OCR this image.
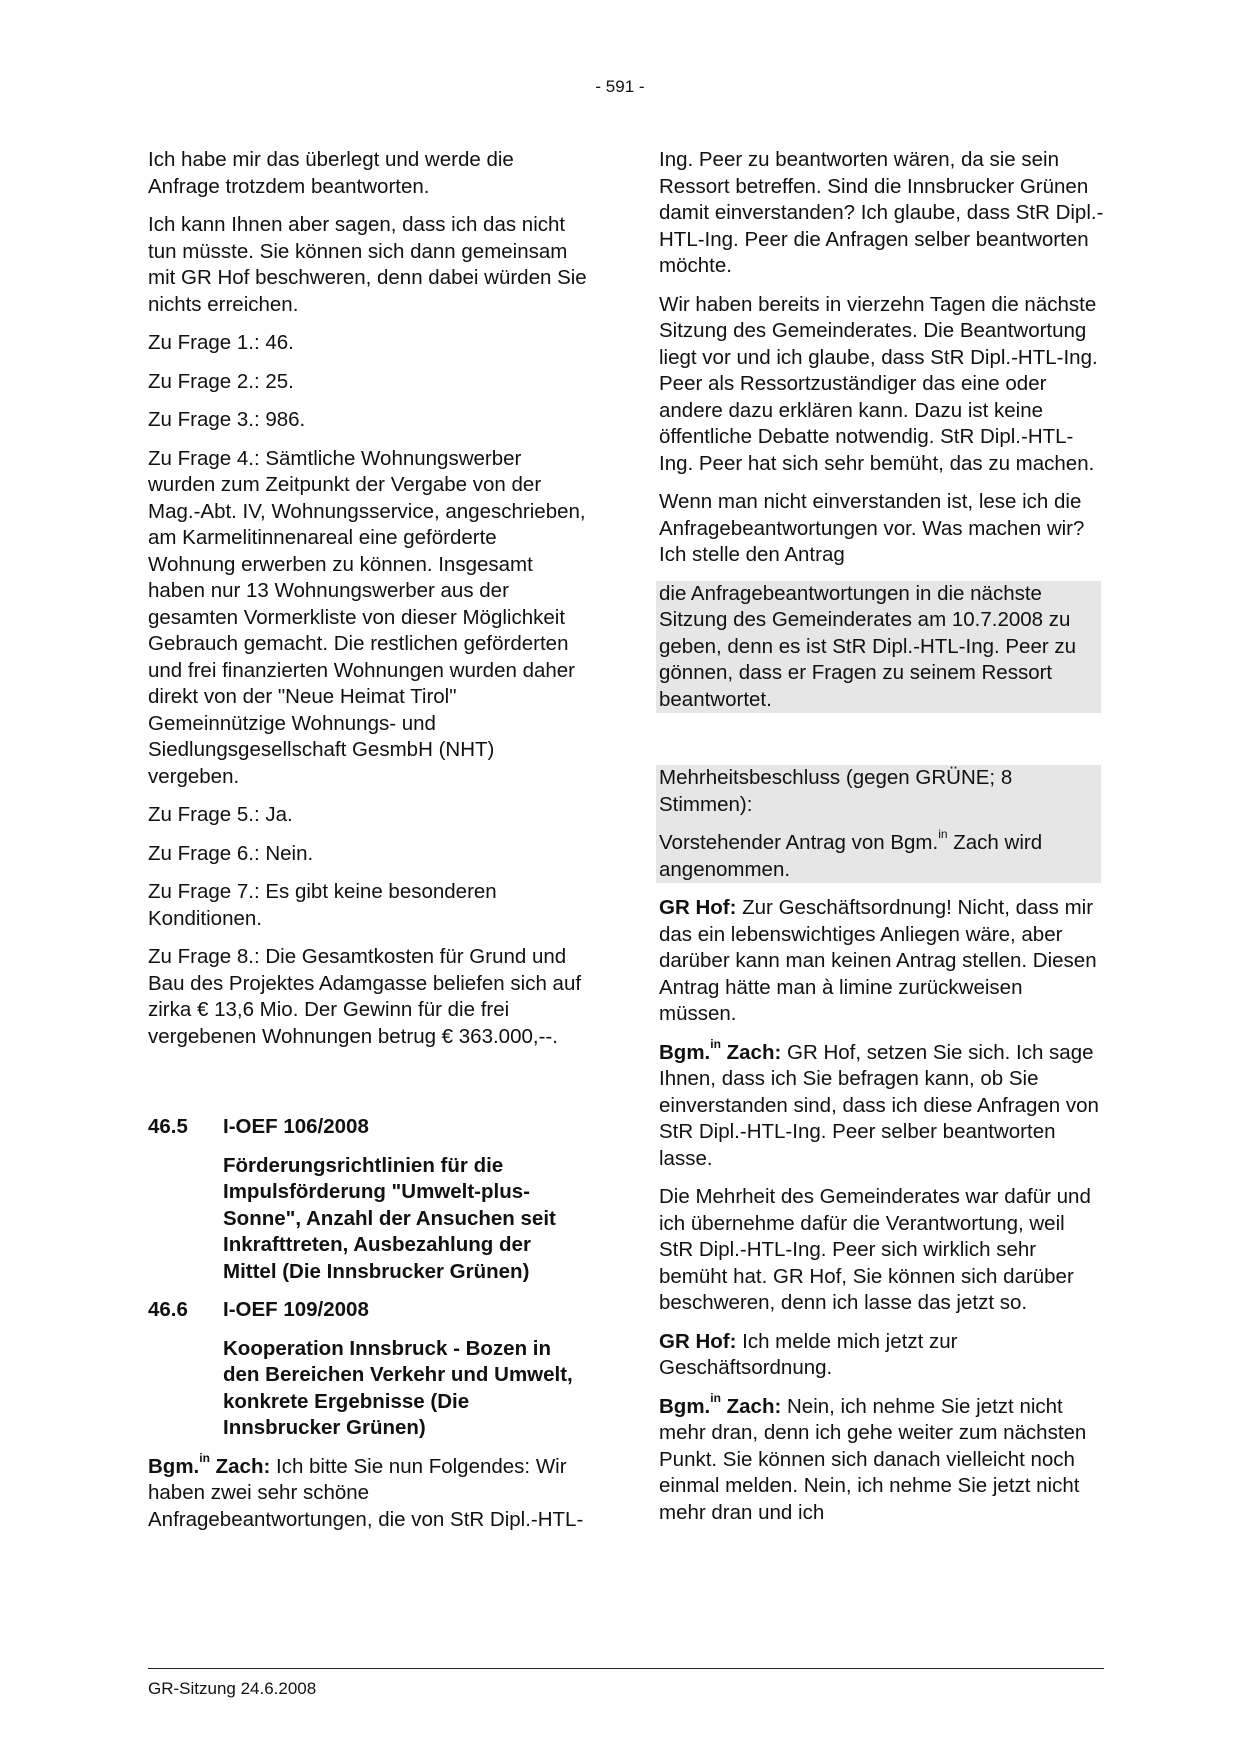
- 591 -

Ich habe mir das überlegt und werde die Anfrage trotzdem beantworten.

Ich kann Ihnen aber sagen, dass ich das nicht tun müsste. Sie können sich dann gemeinsam mit GR Hof beschweren, denn dabei würden Sie nichts erreichen.

Zu Frage 1.: 46.

Zu Frage 2.: 25.

Zu Frage 3.: 986.

Zu Frage 4.: Sämtliche Wohnungswerber wurden zum Zeitpunkt der Vergabe von der Mag.-Abt. IV, Wohnungsservice, angeschrieben, am Karmelitinnenareal eine geförderte Wohnung erwerben zu können. Insgesamt haben nur 13 Wohnungswerber aus der gesamten Vormerkliste von dieser Möglichkeit Gebrauch gemacht. Die restlichen geförderten und frei finanzierten Wohnungen wurden daher direkt von der "Neue Heimat Tirol" Gemeinnützige Wohnungs- und Siedlungsgesellschaft GesmbH (NHT) vergeben.

Zu Frage 5.: Ja.

Zu Frage 6.: Nein.

Zu Frage 7.: Es gibt keine besonderen Konditionen.

Zu Frage 8.: Die Gesamtkosten für Grund und Bau des Projektes Adamgasse beliefen sich auf zirka € 13,6 Mio. Der Gewinn für die frei vergebenen Wohnungen betrug € 363.000,--.

46.5	I-OEF 106/2008
Förderungsrichtlinien für die Impulsförderung "Umwelt-plus-Sonne", Anzahl der Ansuchen seit Inkrafttreten, Ausbezahlung der Mittel (Die Innsbrucker Grünen)
46.6	I-OEF 109/2008
Kooperation Innsbruck - Bozen in den Bereichen Verkehr und Umwelt, konkrete Ergebnisse (Die Innsbrucker Grünen)

Bgm.$^{in}$ Zach: Ich bitte Sie nun Folgendes: Wir haben zwei sehr schöne Anfragebeantwortungen, die von StR Dipl.-HTL-

Ing. Peer zu beantworten wären, da sie sein Ressort betreffen. Sind die Innsbrucker Grünen damit einverstanden? Ich glaube, dass StR Dipl.-HTL-Ing. Peer die Anfragen selber beantworten möchte.

Wir haben bereits in vierzehn Tagen die nächste Sitzung des Gemeinderates. Die Beantwortung liegt vor und ich glaube, dass StR Dipl.-HTL-Ing. Peer als Ressortzuständiger das eine oder andere dazu erklären kann. Dazu ist keine öffentliche Debatte notwendig. StR Dipl.-HTL-Ing. Peer hat sich sehr bemüht, das zu machen.

Wenn man nicht einverstanden ist, lese ich die Anfragebeantwortungen vor. Was machen wir? Ich stelle den Antrag

die Anfragebeantwortungen in die nächste Sitzung des Gemeinderates am 10.7.2008 zu geben, denn es ist StR Dipl.-HTL-Ing. Peer zu gönnen, dass er Fragen zu seinem Ressort beantwortet.

Mehrheitsbeschluss (gegen GRÜNE; 8 Stimmen):

Vorstehender Antrag von Bgm.$^{in}$ Zach wird angenommen.

GR Hof: Zur Geschäftsordnung! Nicht, dass mir das ein lebenswichtiges Anliegen wäre, aber darüber kann man keinen Antrag stellen. Diesen Antrag hätte man à limine zurückweisen müssen.

Bgm.$^{in}$ Zach: GR Hof, setzen Sie sich. Ich sage Ihnen, dass ich Sie befragen kann, ob Sie einverstanden sind, dass ich diese Anfragen von StR Dipl.-HTL-Ing. Peer selber beantworten lasse.

Die Mehrheit des Gemeinderates war dafür und ich übernehme dafür die Verantwortung, weil StR Dipl.-HTL-Ing. Peer sich wirklich sehr bemüht hat. GR Hof, Sie können sich darüber beschweren, denn ich lasse das jetzt so.

GR Hof: Ich melde mich jetzt zur Geschäftsordnung.

Bgm.$^{in}$ Zach: Nein, ich nehme Sie jetzt nicht mehr dran, denn ich gehe weiter zum nächsten Punkt. Sie können sich danach vielleicht noch einmal melden. Nein, ich nehme Sie jetzt nicht mehr dran und ich

GR-Sitzung 24.6.2008
